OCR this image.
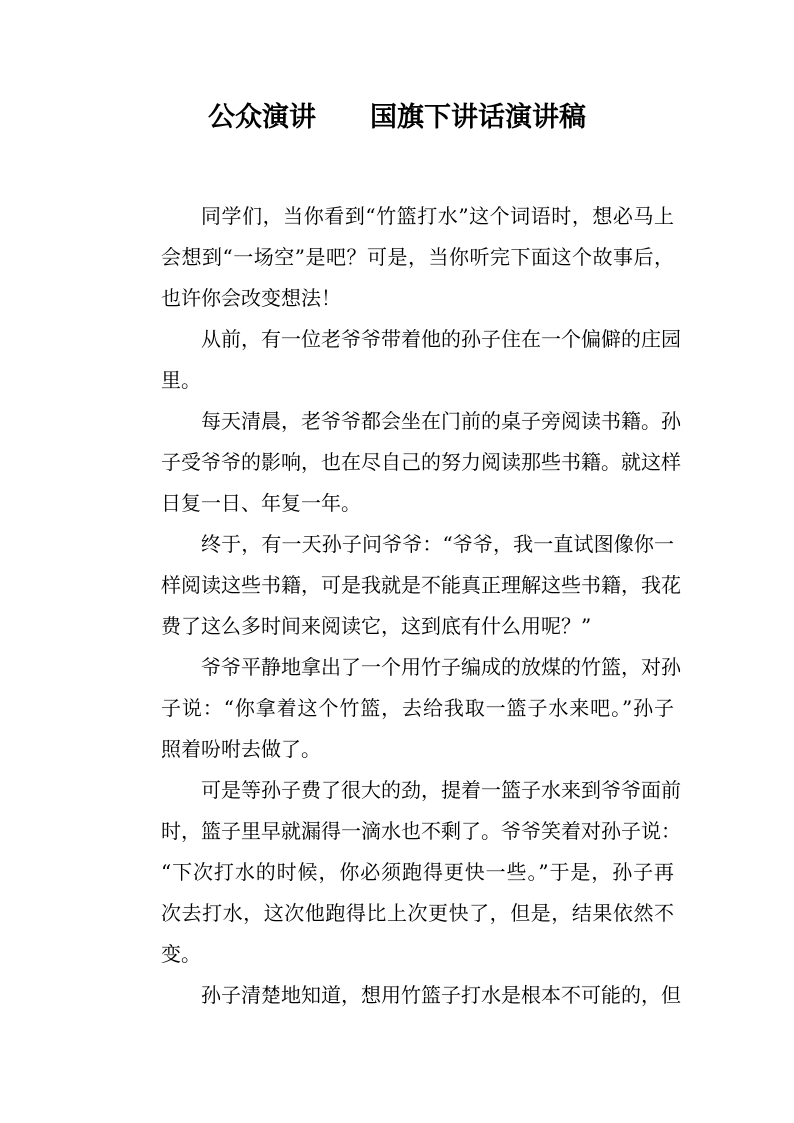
公众演讲　　国旗下讲话演讲稿
同学们，当你看到“竹篮打水”这个词语时，想必马上
会想到“一场空”是吧？可是，当你听完下面这个故事后，
也许你会改变想法！
从前，有一位老爷爷带着他的孙子住在一个偏僻的庄园
里。
每天清晨，老爷爷都会坐在门前的桌子旁阅读书籍。孙
子受爷爷的影响，也在尽自己的努力阅读那些书籍。就这样
日复一日、年复一年。
终于，有一天孙子问爷爷：“爷爷，我一直试图像你一
样阅读这些书籍，可是我就是不能真正理解这些书籍，我花
费了这么多时间来阅读它，这到底有什么用呢？”
爷爷平静地拿出了一个用竹子编成的放煤的竹篮，对孙
子说：“你拿着这个竹篮，去给我取一篮子水来吧。”孙子
照着吩咐去做了。
可是等孙子费了很大的劲，提着一篮子水来到爷爷面前
时，篮子里早就漏得一滴水也不剩了。爷爷笑着对孙子说：
“下次打水的时候，你必须跑得更快一些。”于是，孙子再
次去打水，这次他跑得比上次更快了，但是，结果依然不
变。
孙子清楚地知道，想用竹篮子打水是根本不可能的，但
